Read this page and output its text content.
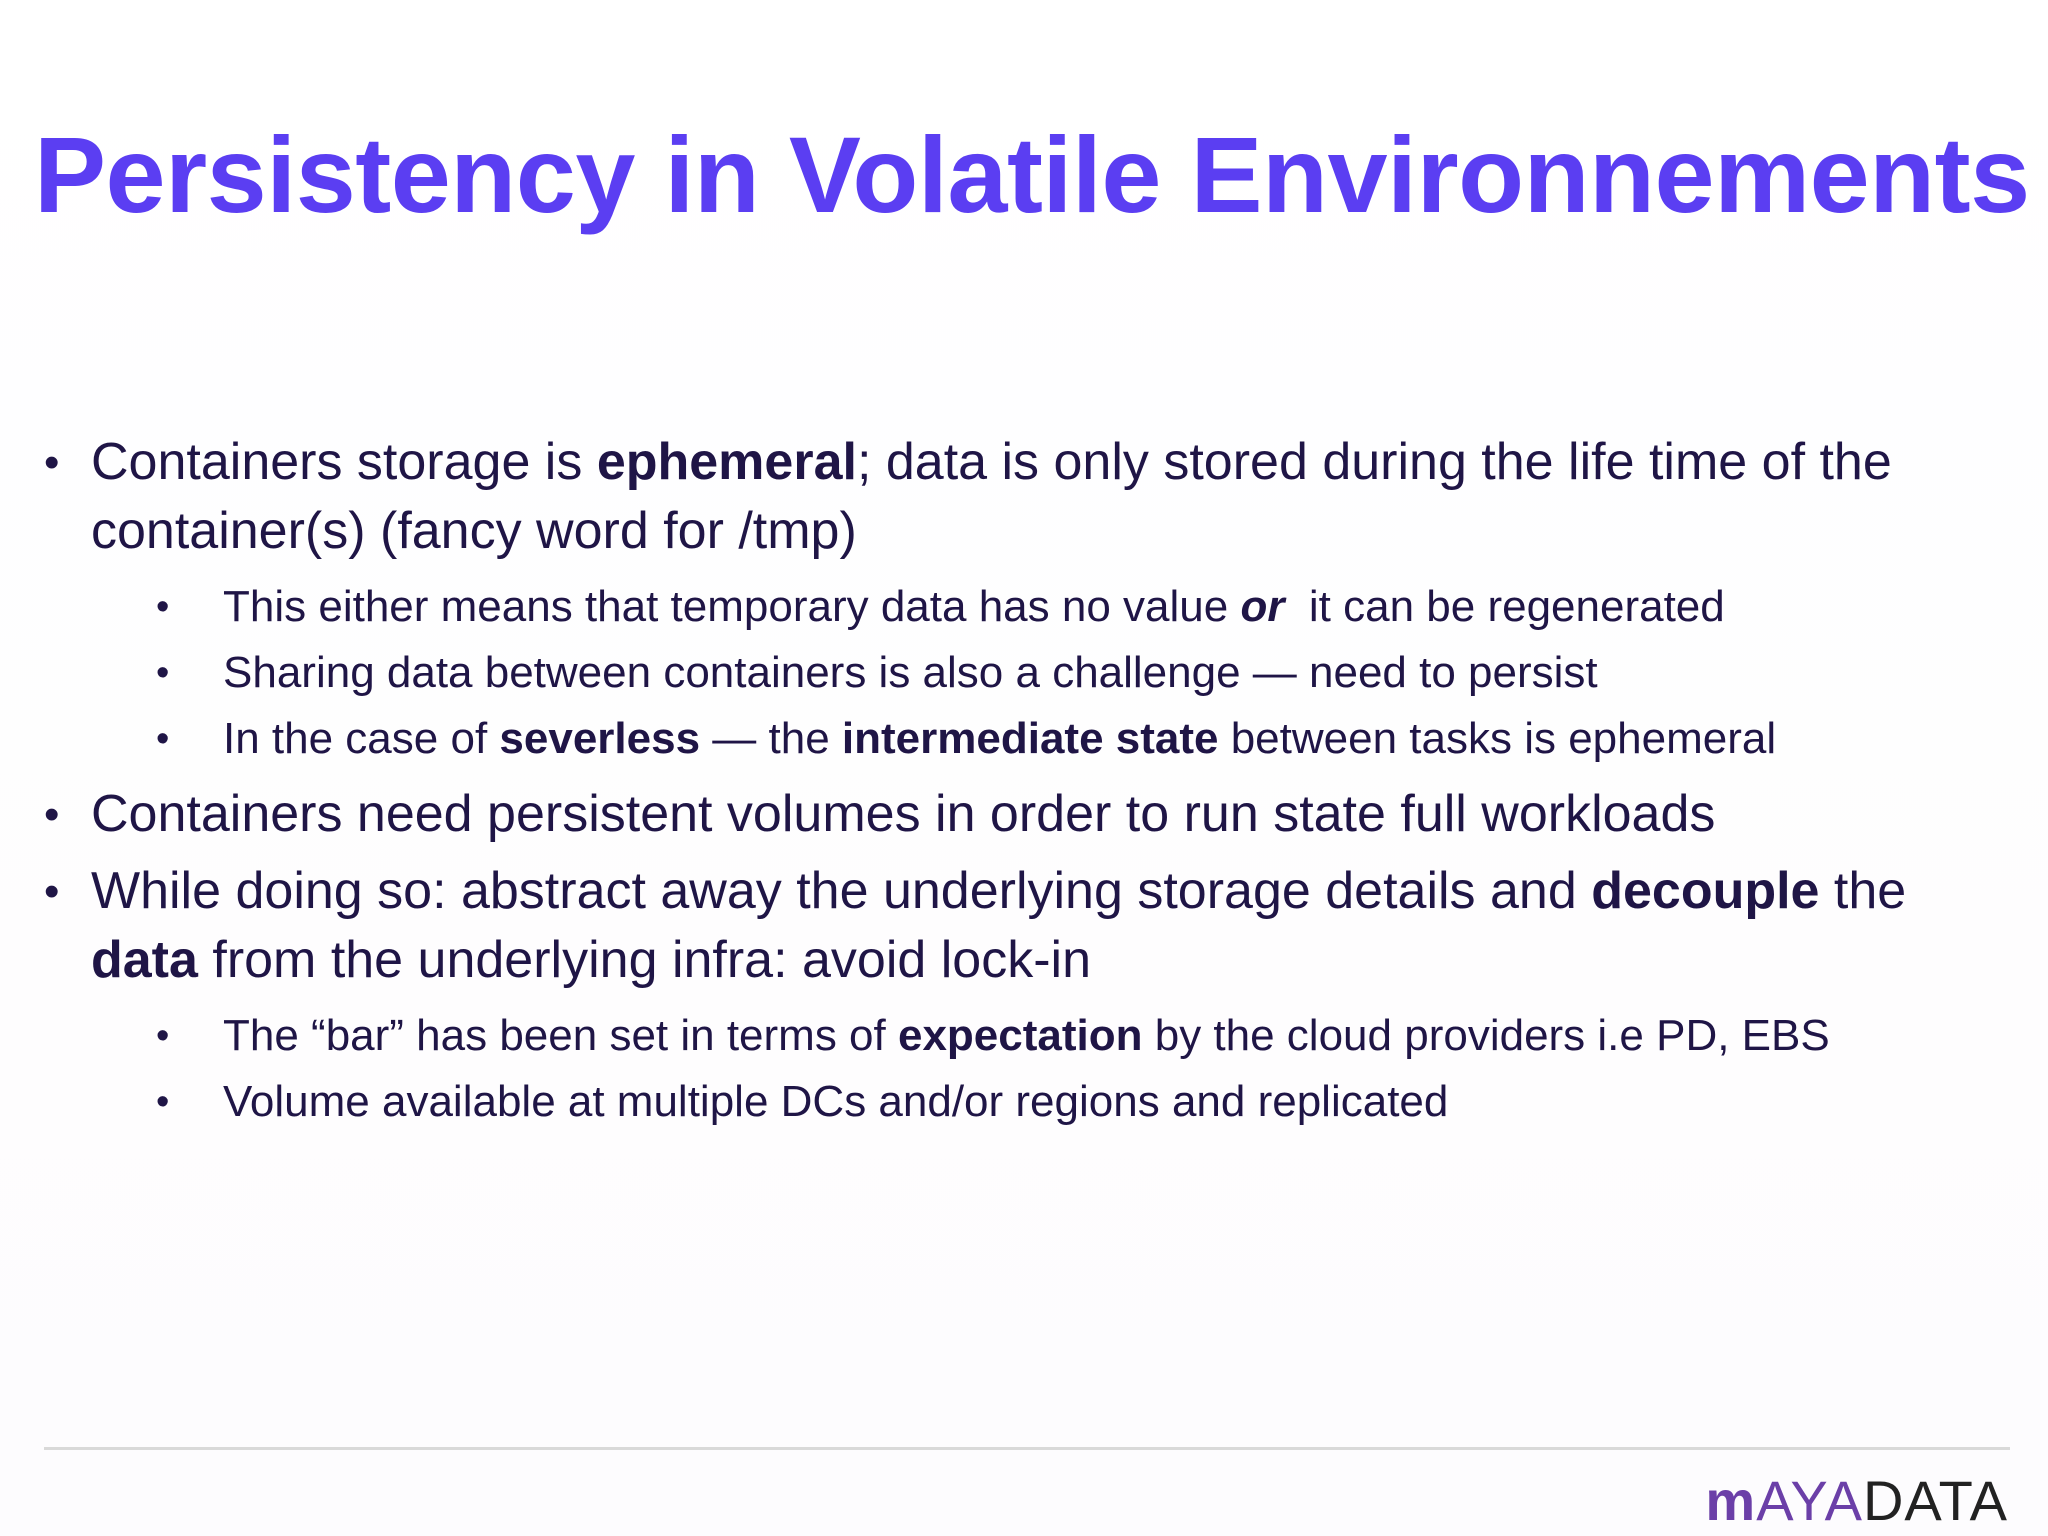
Persistency in Volatile Environnements
• Containers storage is ephemeral; data is only stored during the life time of the container(s) (fancy word for /tmp)
• This either means that temporary data has no value or  it can be regenerated
• Sharing data between containers is also a challenge — need to persist
• In the case of severless — the intermediate state between tasks is ephemeral
• Containers need persistent volumes in order to run state full workloads
• While doing so: abstract away the underlying storage details and decouple the data from the underlying infra: avoid lock-in
• The “bar” has been set in terms of expectation by the cloud providers i.e PD, EBS
• Volume available at multiple DCs and/or regions and replicated
mAYADATA
